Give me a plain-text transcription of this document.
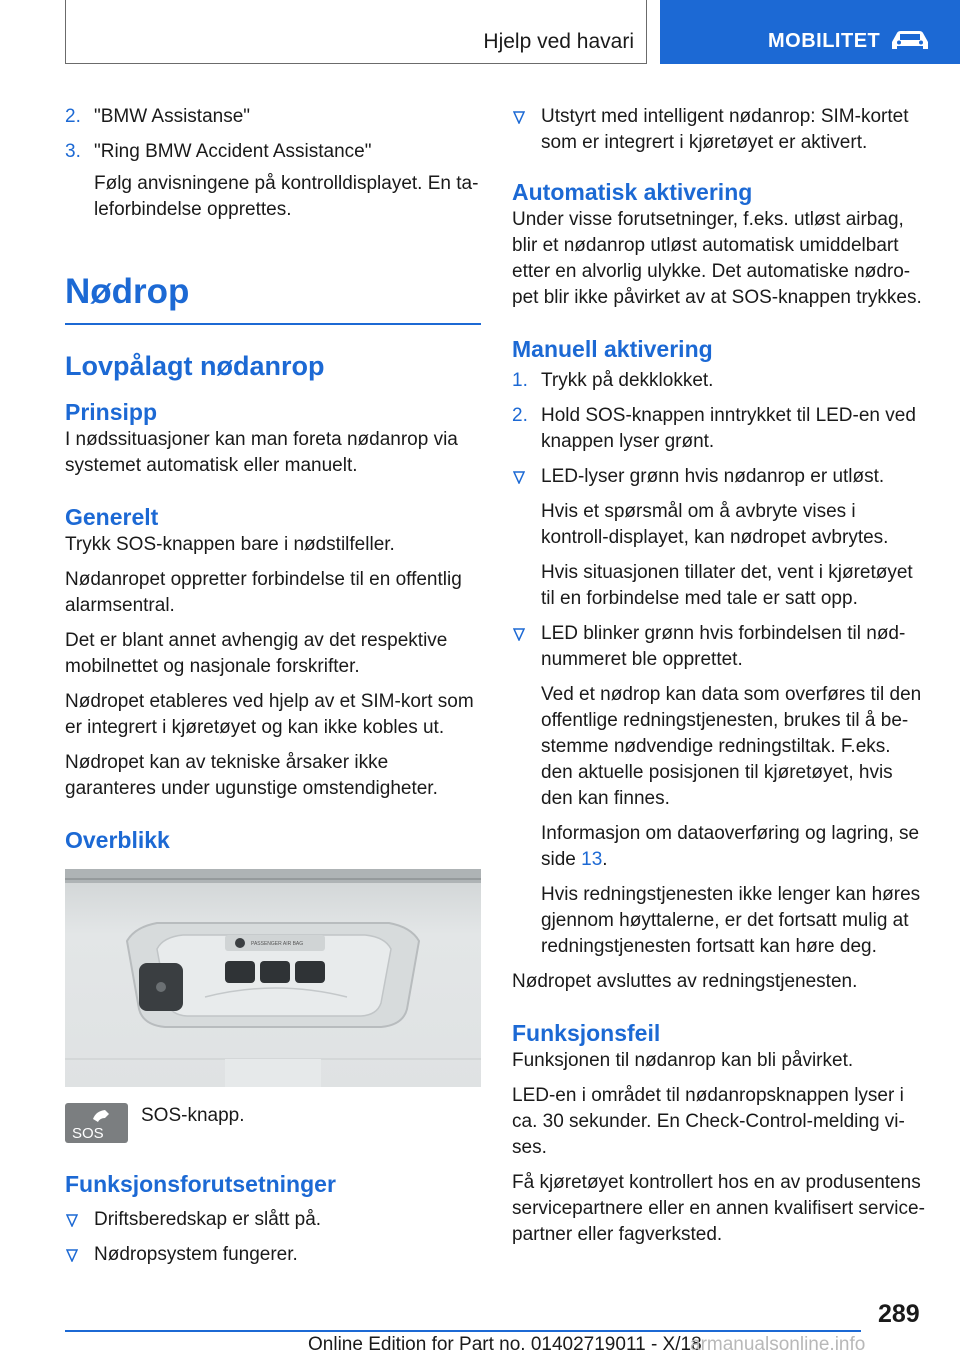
Hjelp ved havari	MOBILITET
2. "BMW Assistanse"
3. "Ring BMW Accident Assistance"
Følg anvisningene på kontrolldisplayet. En ta-leforbindelse opprettes.
Nødrop
Lovpålagt nødanrop
Prinsipp

I nødssituasjoner kan man foreta nødanrop via systemet automatisk eller manuelt.

Generelt

Trykk SOS-knappen bare i nødstilfeller.

Nødanropet oppretter forbindelse til en offentlig alarmsentral.

Det er blant annet avhengig av det respektive mobilnettet og nasjonale forskrifter.

Nødropet etableres ved hjelp av et SIM-kort som er integrert i kjøretøyet og kan ikke kobles ut.

Nødropet kan av tekniske årsaker ikke garanteres under ugunstige omstendigheter.

Overblikk
PASSENGER AIR BAG
SOS
SOS-knapp.
Funksjonsforutsetninger
Driftsberedskap er slått på.
Nødropsystem fungerer.
Utstyrt med intelligent nødanrop: SIM-kortet som er integrert i kjøretøyet er aktivert.
Automatisk aktivering

Under visse forutsetninger, f.eks. utløst airbag, blir et nødanrop utløst automatisk umiddelbart etter en alvorlig ulykke. Det automatiske nødro-pet blir ikke påvirket av at SOS-knappen trykkes.

Manuell aktivering
1. Trykk på dekklokket.
2. Hold SOS-knappen inntrykket til LED-en ved knappen lyser grønt.
LED-lyser grønn hvis nødanrop er utløst.
Hvis et spørsmål om å avbryte vises i kontroll-displayet, kan nødropet avbrytes.
Hvis situasjonen tillater det, vent i kjøretøyet til en forbindelse med tale er satt opp.
LED blinker grønn hvis forbindelsen til nød-nummeret ble opprettet.
Ved et nødrop kan data som overføres til den offentlige redningstjenesten, brukes til å be-stemme nødvendige redningstiltak. F.eks. den aktuelle posisjonen til kjøretøyet, hvis den kan finnes.
Informasjon om dataoverføring og lagring, se side 13.
Hvis redningstjenesten ikke lenger kan høres gjennom høyttalerne, er det fortsatt mulig at redningstjenesten fortsatt kan høre deg.

Nødropet avsluttes av redningstjenesten.

Funksjonsfeil

Funksjonen til nødanrop kan bli påvirket.

LED-en i området til nødanropsknappen lyser i ca. 30 sekunder. En Check-Control-melding vi-ses.

Få kjøretøyet kontrollert hos en av produsentens servicepartnere eller en annen kvalifisert service-partner eller fagverksted.

289
Online Edition for Part no. 01402719011 - X/18
armanualsonline.info
